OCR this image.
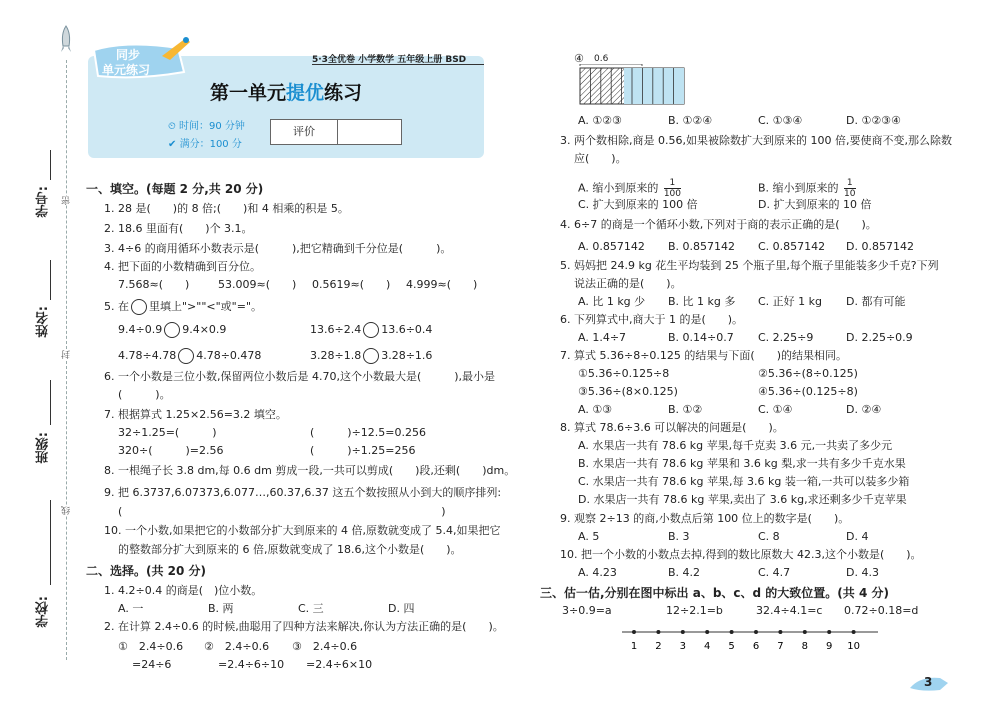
学号:
姓名:
班级:
学校:
密
封
线
同步
单元练习
5·3全优卷 小学数学 五年级上册 BSD
第一单元提优练习
⏲ 时间：90 分钟
✔ 满分：100 分
评价
一、填空。(每题 2 分,共 20 分)
1. 28 是(　　)的 8 倍;(　　)和 4 相乘的积是 5。
2. 18.6 里面有(　　)个 3.1。
3. 4÷6 的商用循环小数表示是(　　　),把它精确到千分位是(　　　)。
4. 把下面的小数精确到百分位。
7.568≈(　　)	53.009≈(　　) 0.5619≈(　　) 4.999≈(　　)
5. 在 里填上">""<"或"="。
9.4÷0.9 9.4×0.9	13.6÷2.4 13.6÷0.4
4.78÷4.78 4.78÷0.478	3.28÷1.8 3.28÷1.6
6. 一个小数是三位小数,保留两位小数后是 4.70,这个小数最大是(　　　),最小是
(　　　)。
7. 根据算式 1.25×2.56=3.2 填空。
32÷1.25=(　　　)	(　　　)÷12.5=0.256
320÷(　　　)=2.56	(　　　)÷1.25=256
8. 一根绳子长 3.8 dm,每 0.6 dm 剪成一段,一共可以剪成(　　)段,还剩(　　)dm。
9. 把 6.3737,6.07373,6.077…,60.37,6.37 这五个数按照从小到大的顺序排列:
(　　　　　　　　　　　　　　　　　　　　　　　　　　　　　)
10. 一个小数,如果把它的小数部分扩大到原来的 4 倍,原数就变成了 5.4,如果把它
的整数部分扩大到原来的 6 倍,原数就变成了 18.6,这个小数是(　　)。
二、选择。(共 20 分)
1. 4.2÷0.4 的商是(　)位小数。
A. 一	B. 两	C. 三	D. 四
2. 在计算 2.4÷0.6 的时候,曲聪用了四种方法来解决,你认为方法正确的是(　　)。
①　2.4÷0.6
=24÷6
②　2.4÷0.6
=2.4÷6÷10
③　2.4÷0.6
=2.4÷6×10
④ 0.6
A. ①②③	B. ①②④	C. ①③④	D. ①②③④
3. 两个数相除,商是 0.56,如果被除数扩大到原来的 100 倍,要使商不变,那么除数
应(　　)。
A. 缩小到原来的 $\frac{1}{100}$	B. 缩小到原来的 $\frac{1}{10}$
C. 扩大到原来的 100 倍	D. 扩大到原来的 10 倍
4. 6÷7 的商是一个循环小数,下列对于商的表示正确的是(　　)。
A. 0.857142 B. 0.857142 C. 0.857142 D. 0.857142
5. 妈妈把 24.9 kg 花生平均装到 25 个瓶子里,每个瓶子里能装多少千克?下列
说法正确的是(　　)。
A. 比 1 kg 少 B. 比 1 kg 多 C. 正好 1 kg D. 都有可能
6. 下列算式中,商大于 1 的是(　　)。
A. 1.4÷7	B. 0.14÷0.7 C. 2.25÷9	D. 2.25÷0.9
7. 算式 5.36÷8÷0.125 的结果与下面(　　)的结果相同。
①5.36÷0.125÷8	②5.36÷(8÷0.125)
③5.36÷(8×0.125)	④5.36÷(0.125÷8)
A. ①③	B. ①②	C. ①④	D. ②④
8. 算式 78.6÷3.6 可以解决的问题是(　　)。
A. 水果店一共有 78.6 kg 苹果,每千克卖 3.6 元,一共卖了多少元
B. 水果店一共有 78.6 kg 苹果和 3.6 kg 梨,求一共有多少千克水果
C. 水果店一共有 78.6 kg 苹果,每 3.6 kg 装一箱,一共可以装多少箱
D. 水果店一共有 78.6 kg 苹果,卖出了 3.6 kg,求还剩多少千克苹果
9. 观察 2÷13 的商,小数点后第 100 位上的数字是(　　)。
A. 5	B. 3	C. 8	D. 4
10. 把一个小数的小数点去掉,得到的数比原数大 42.3,这个小数是(　　)。
A. 4.23	B. 4.2	C. 4.7	D. 4.3
三、估一估,分别在图中标出 a、b、c、d 的大致位置。(共 4 分)
3÷0.9=a	12÷2.1=b	32.4÷4.1=c 0.72÷0.18=d
1 2 3 4 5 6 7 8 9 10
3
